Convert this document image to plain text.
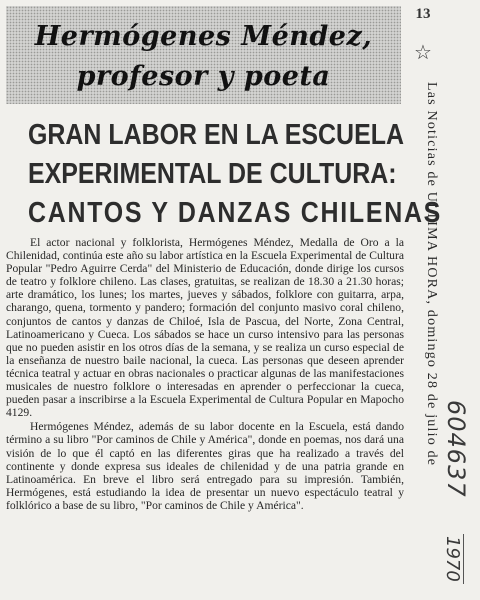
Hermógenes Méndez,
profesor y poeta
GRAN LABOR EN LA ESCUELA
EXPERIMENTAL DE CULTURA:
CANTOS Y DANZAS CHILENAS

El actor nacional y folklorista, Hermógenes Méndez, Medalla de Oro a la Chilenidad, continúa este año su labor artística en la Escuela Experimental de Cultura Popular "Pedro Aguirre Cerda" del Ministerio de Educación, donde dirige los cursos de teatro y folklore chileno. Las clases, gratuitas, se realizan de 18.30 a 21.30 horas; arte dramático, los lunes; los martes, jueves y sábados, folklore con guitarra, arpa, charango, quena, tormento y pandero; formación del conjunto masivo coral chileno, conjuntos de cantos y danzas de Chiloé, Isla de Pascua, del Norte, Zona Central, Latinoamericano y Cueca. Los sábados se hace un curso intensivo para las personas que no pueden asistir en los otros días de la semana, y se realiza un curso especial de la enseñanza de nuestro baile nacional, la cueca. Las personas que deseen aprender técnica teatral y actuar en obras nacionales o practicar algunas de las manifestaciones musicales de nuestro folklore o interesadas en aprender o perfeccionar la cueca, pueden pasar a inscribirse a la Escuela Experimental de Cultura Popular en Mapocho 4129.

Hermógenes Méndez, además de su labor docente en la Escuela, está dando término a su libro "Por caminos de Chile y América", donde en poemas, nos dará una visión de lo que él captó en las diferentes giras que ha realizado a través del continente y donde expresa sus ideales de chilenidad y de una patria grande en Latinoamérica. En breve el libro será entregado para su impresión. También, Hermógenes, está estudiando la idea de presentar un nuevo espectáculo teatral y folklórico a base de su libro, "Por caminos de Chile y América".

13
☆
Las Noticias de ULTIMA HORA, domingo 28 de julio de 604637
1970
